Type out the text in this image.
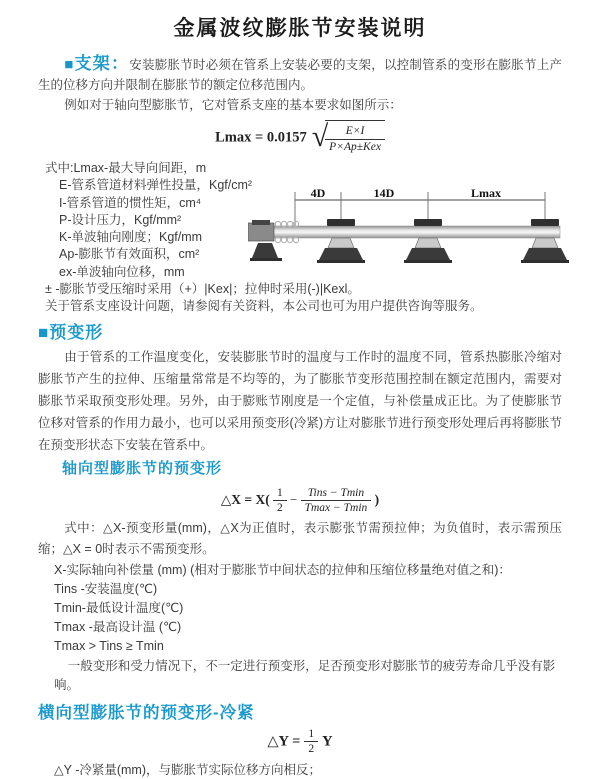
金属波纹膨胀节安装说明

■支架：安装膨胀节时必须在管系上安装必要的支架，以控制管系的变形在膨胀节上产生的位移方向并限制在膨胀节的额定位移范围内。

例如对于轴向型膨胀节，它对管系支座的基本要求如图所示：

Lmax = 0.0157 √
$\frac{E\times I}{\text{P×Ap±Kex}}$
式中:Lmax-最大导向间距，m
E-管系管道材料弹性投量，Kgf/cm²
I-管系管道的惯性矩，cm⁴
P-设计压力，Kgf/mm²
K-单波轴向刚度；Kgf/mm
Ap-膨胀节有效面积，cm²
ex-单波轴向位移，mm
± -膨胀节受压缩时采用（+）|Kex|；拉伸时采用(-)|Kexl。
关于管系支座设计问题，请参阅有关资料，本公司也可为用户提供咨询等服务。
4D	14D	Lmax
■预变形

由于管系的工作温度变化，安装膨胀节时的温度与工作时的温度不同，管系热膨胀冷缩对膨胀节产生的拉伸、压缩量常常是不均等的，为了膨胀节变形范围控制在额定范围内，需要对膨胀节采取预变形处理。另外，由于膨账节刚度是一个定值，与补偿量成正比。为了使膨胀节位移对管系的作用力最小，也可以采用预变形(冷紧)方让对膨胀节进行预变形处理后再将膨胀节在预变形状态下安装在管系中。

轴向型膨胀节的预变形
△X = $X( \frac{1}{2} - \frac{\text{Tins − Tmin}}{Tmax - Tmin}$ )

式中：△X-预变形量(mm)，△X为正值时，表示膨张节需预拉伸；为负值时，表示需预压缩；△X = 0时表示不需预变形。

X-实际轴向补偿量 (mm) (相对于膨胀节中间状态的拉伸和压缩位移量绝对值之和)：
Tins -安装温度(℃)
Tmin-最低设计温度(℃)
Tmax -最高设计温 (℃)
Tmax > Tins ≥ Tmin
一般变形和受力情况下，不一定进行预变形，足否预变形对膨胀节的疲劳寿命几乎没有影响。
横向型膨胀节的预变形-冷紧
△Y = $\frac{1}{2}$ Y
△Y -冷紧量(mm)，与膨胀节实际位移方向相反；
